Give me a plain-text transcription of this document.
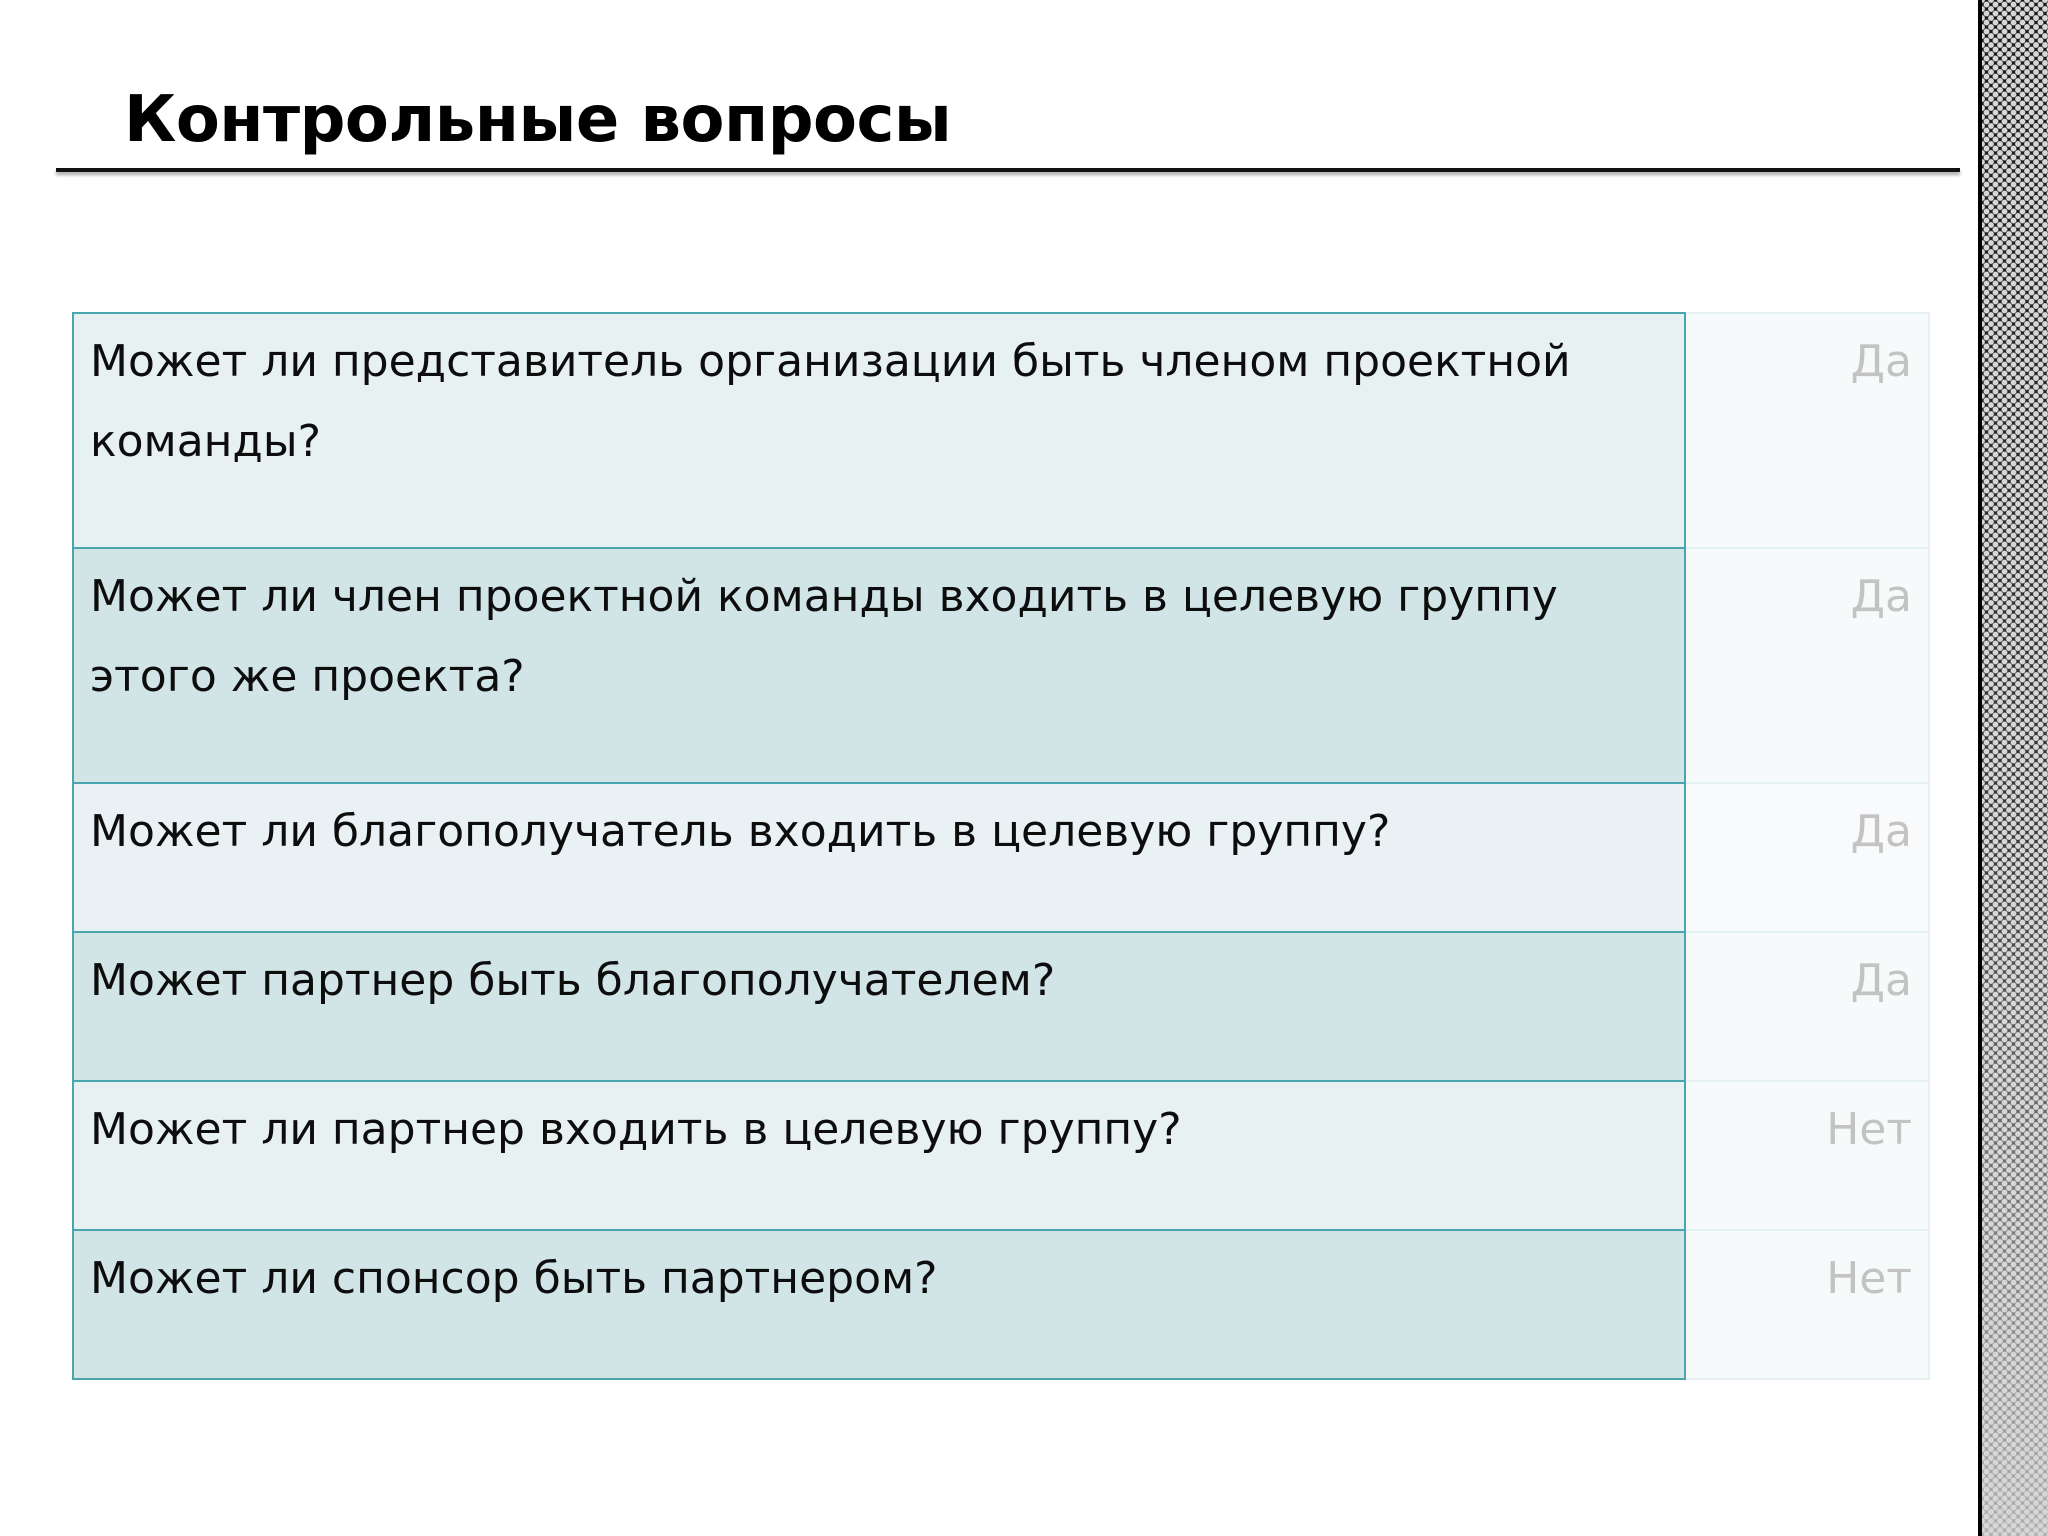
Контрольные вопросы
Может ли представитель организации быть членом проектной команды?	Да

Может ли член проектной команды входить в целевую группу этого же проекта?	Да

Может ли благополучатель входить в целевую группу?	Да

Может партнер быть благополучателем?	Да

Может ли партнер входить в целевую группу?	Нет

Может ли спонсор быть партнером?	Нет
